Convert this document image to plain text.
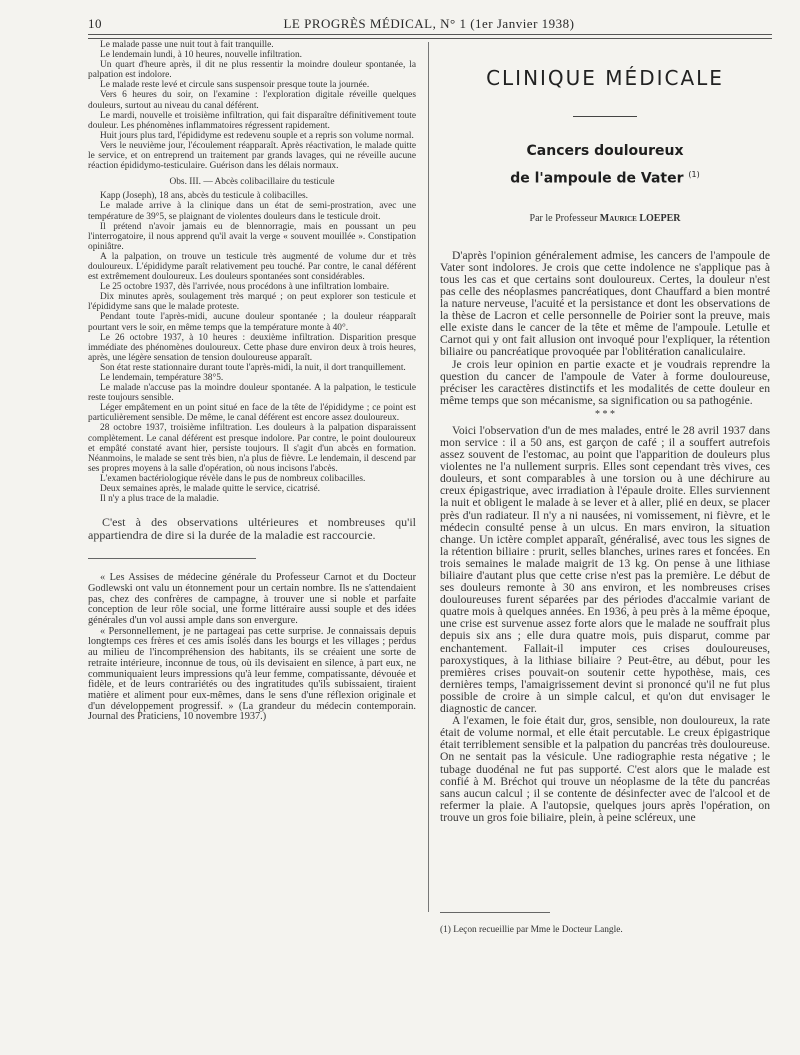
10	LE PROGRÈS MÉDICAL, N° 1 (1er Janvier 1938)

Le malade passe une nuit tout à fait tranquille.

Le lendemain lundi, à 10 heures, nouvelle infiltration.

Un quart d'heure après, il dit ne plus ressentir la moindre douleur spontanée, la palpation est indolore.

Le malade reste levé et circule sans suspensoir presque toute la journée.

Vers 6 heures du soir, on l'examine : l'exploration digitale réveille quelques douleurs, surtout au niveau du canal déférent.

Le mardi, nouvelle et troisième infiltration, qui fait disparaître définitivement toute douleur. Les phénomènes inflammatoires régressent rapidement.

Huit jours plus tard, l'épididyme est redevenu souple et a repris son volume normal.

Vers le neuvième jour, l'écoulement réapparaît. Après réactivation, le malade quitte le service, et on entreprend un traitement par grands lavages, qui ne réveille aucune réaction épididymo-testiculaire. Guérison dans les délais normaux.

Obs. III. — Abcès colibacillaire du testicule

Kapp (Joseph), 18 ans, abcès du testicule à colibacilles.

Le malade arrive à la clinique dans un état de semi-prostration, avec une température de 39°5, se plaignant de violentes douleurs dans le testicule droit.

Il prétend n'avoir jamais eu de blennorragie, mais en poussant un peu l'interrogatoire, il nous apprend qu'il avait la verge « souvent mouillée ». Constipation opiniâtre.

A la palpation, on trouve un testicule très augmenté de volume dur et très douloureux. L'épididyme paraît relativement peu touché. Par contre, le canal déférent est extrêmement douloureux. Les douleurs spontanées sont considérables.

Le 25 octobre 1937, dès l'arrivée, nous procédons à une infiltration lombaire.

Dix minutes après, soulagement très marqué ; on peut explorer son testicule et l'épididyme sans que le malade proteste.

Pendant toute l'après-midi, aucune douleur spontanée ; la douleur réapparaît pourtant vers le soir, en même temps que la température monte à 40°.

Le 26 octobre 1937, à 10 heures : deuxième infiltration. Disparition presque immédiate des phénomènes douloureux. Cette phase dure environ deux à trois heures, après, une légère sensation de tension douloureuse apparaît.

Son état reste stationnaire durant toute l'après-midi, la nuit, il dort tranquillement.

Le lendemain, température 38°5.

Le malade n'accuse pas la moindre douleur spontanée. A la palpation, le testicule reste toujours sensible.

Léger empâtement en un point situé en face de la tête de l'épididyme ; ce point est particulièrement sensible. De même, le canal déférent est encore assez douloureux.

28 octobre 1937, troisième infiltration. Les douleurs à la palpation disparaissent complètement. Le canal déférent est presque indolore. Par contre, le point douloureux et empâté constaté avant hier, persiste toujours. Il s'agit d'un abcès en formation. Néanmoins, le malade se sent très bien, n'a plus de fièvre. Le lendemain, il descend par ses propres moyens à la salle d'opération, où nous incisons l'abcès.

L'examen bactériologique révèle dans le pus de nombreux colibacilles.

Deux semaines après, le malade quitte le service, cicatrisé.

Il n'y a plus trace de la maladie.

C'est à des observations ultérieures et nombreuses qu'il appartiendra de dire si la durée de la maladie est raccourcie.

« Les Assises de médecine générale du Professeur Carnot et du Docteur Godlewski ont valu un étonnement pour un certain nombre. Ils ne s'attendaient pas, chez des confrères de campagne, à trouver une si noble et parfaite conception de leur rôle social, une forme littéraire aussi souple et des idées générales d'un vol aussi ample dans son envergure.

« Personnellement, je ne partageai pas cette surprise. Je connaissais depuis longtemps ces frères et ces amis isolés dans les bourgs et les villages ; perdus au milieu de l'incompréhension des habitants, ils se créaient une sorte de retraite intérieure, inconnue de tous, où ils devisaient en silence, à part eux, ne communiquaient leurs impressions qu'à leur femme, compatissante, dévouée et fidèle, et de leurs contrariétés ou des ingratitudes qu'ils subissaient, tiraient matière et aliment pour eux-mêmes, dans le sens d'une réflexion originale et d'un développement progressif. » (La grandeur du médecin contemporain. Journal des Praticiens, 10 novembre 1937.)

CLINIQUE MÉDICALE
Cancers douloureux
de l'ampoule de Vater $^{(1)}$
Par le Professeur Maurice LOEPER

D'après l'opinion généralement admise, les cancers de l'ampoule de Vater sont indolores. Je crois que cette indolence ne s'applique pas à tous les cas et que certains sont douloureux. Certes, la douleur n'est pas celle des néoplasmes pancréatiques, dont Chauffard a bien montré la nature nerveuse, l'acuité et la persistance et dont les observations de la thèse de Lacron et celle personnelle de Poirier sont la preuve, mais elle existe dans le cancer de la tête et même de l'ampoule. Letulle et Carnot qui y ont fait allusion ont invoqué pour l'expliquer, la rétention biliaire ou pancréatique provoquée par l'oblitération canaliculaire.

Je crois leur opinion en partie exacte et je voudrais reprendre la question du cancer de l'ampoule de Vater à forme douloureuse, préciser les caractères distinctifs et les modalités de cette douleur en même temps que son mécanisme, sa signification ou sa pathogénie.

* * *

Voici l'observation d'un de mes malades, entré le 28 avril 1937 dans mon service : il a 50 ans, est garçon de café ; il a souffert autrefois assez souvent de l'estomac, au point que l'apparition de douleurs plus violentes ne l'a nullement surpris. Elles sont cependant très vives, ces douleurs, et sont comparables à une torsion ou à une déchirure au creux épigastrique, avec irradiation à l'épaule droite. Elles surviennent la nuit et obligent le malade à se lever et à aller, plié en deux, se placer près d'un radiateur. Il n'y a ni nausées, ni vomissement, ni fièvre, et le médecin consulté pense à un ulcus. En mars environ, la situation change. Un ictère complet apparaît, généralisé, avec tous les signes de la rétention biliaire : prurit, selles blanches, urines rares et foncées. En trois semaines le malade maigrit de 13 kg. On pense à une lithiase biliaire d'autant plus que cette crise n'est pas la première. Le début de ses douleurs remonte à 30 ans environ, et les nombreuses crises douloureuses furent séparées par des périodes d'accalmie variant de quatre mois à quelques années. En 1936, à peu près à la même époque, une crise est survenue assez forte alors que le malade ne souffrait plus depuis six ans ; elle dura quatre mois, puis disparut, comme par enchantement. Fallait-il imputer ces crises douloureuses, paroxystiques, à la lithiase biliaire ? Peut-être, au début, pour les premières crises pouvait-on soutenir cette hypothèse, mais, ces dernières temps, l'amaigrissement devint si prononcé qu'il ne fut plus possible de croire à un simple calcul, et qu'on dut envisager le diagnostic de cancer.

A l'examen, le foie était dur, gros, sensible, non douloureux, la rate était de volume normal, et elle était percutable. Le creux épigastrique était terriblement sensible et la palpation du pancréas très douloureuse. On ne sentait pas la vésicule. Une radiographie resta négative ; le tubage duodénal ne fut pas supporté. C'est alors que le malade est confié à M. Bréchot qui trouve un néoplasme de la tête du pancréas sans aucun calcul ; il se contente de désinfecter avec de l'alcool et de refermer la plaie. A l'autopsie, quelques jours après l'opération, on trouve un gros foie biliaire, plein, à peine scléreux, une

(1) Leçon recueillie par Mme le Docteur Langle.
